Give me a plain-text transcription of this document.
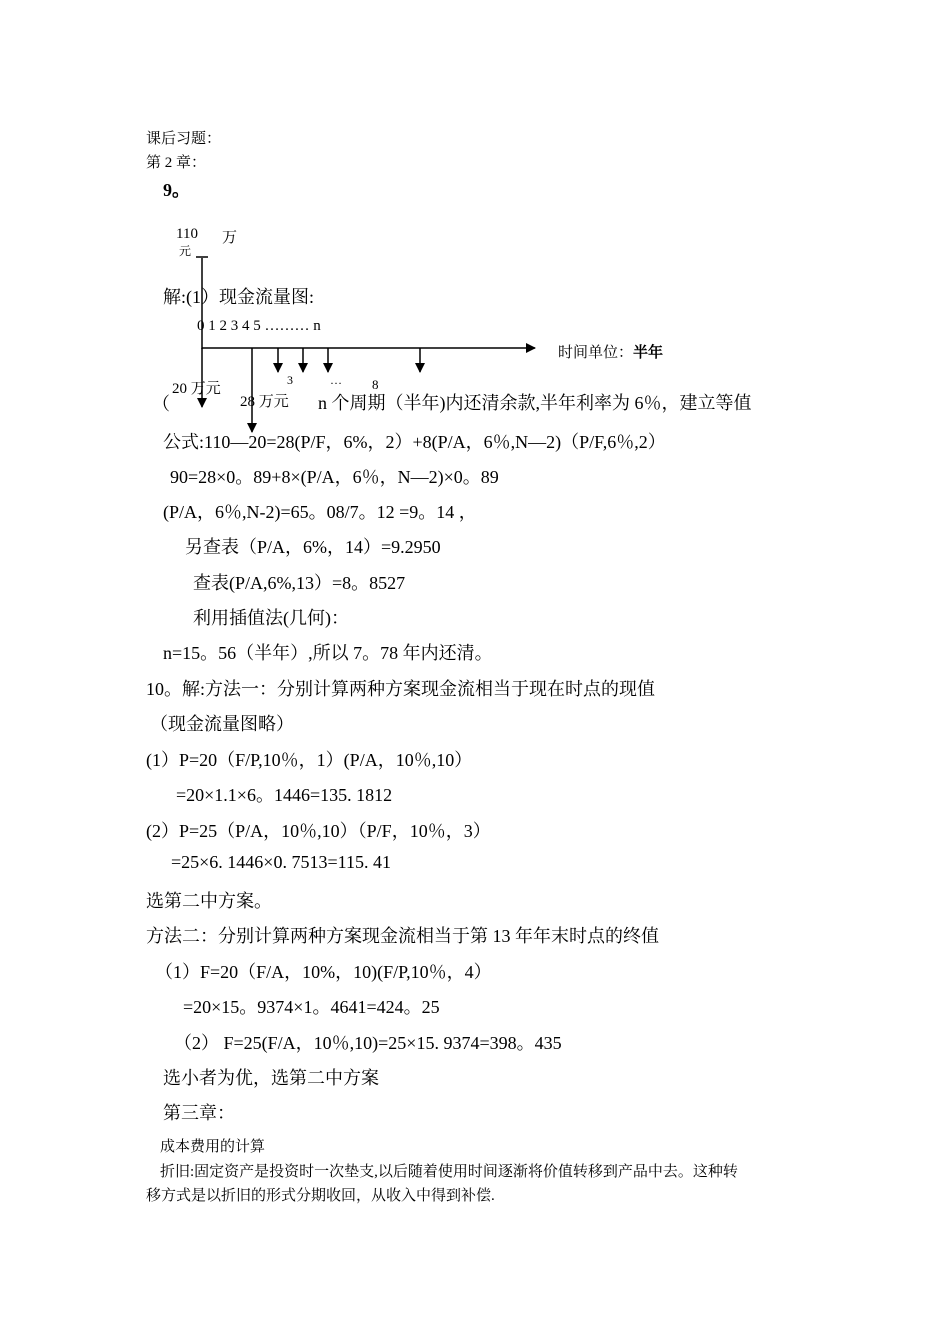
课后习题：
第 2 章：
9。
110 万
元
解:(1）现金流量图:
0 1 2 3 4 5 ……… n
时间单位：半年
20 万元
3	… 8
（	28 万元 n 个周期（半年)内还清余款,半年利率为 6％，建立等值
公式:110—20=28(P/F，6%，2）+8(P/A，6％,N—2)（P/F,6％,2）
90=28×0。89+8×(P/A，6％，N—2)×0。89
(P/A，6％,N-2)=65。08/7。12 =9。14 ，
另查表（P/A，6%，14）=9.2950
查表(P/A,6%,13）=8。8527
利用插值法(几何)：
n=15。56（半年）,所以 7。78 年内还清。
10。解:方法一：分别计算两种方案现金流相当于现在时点的现值
（现金流量图略）
(1）P=20（F/P,10％，1）(P/A，10％,10）
=20×1.1×6。1446=135. 1812
(2）P=25（P/A，10％,10）（P/F，10％，3）
=25×6. 1446×0. 7513=115. 41
选第二中方案。
方法二：分别计算两种方案现金流相当于第 13 年年末时点的终值
（1）F=20（F/A，10%，10)(F/P,10％，4）
=20×15。9374×1。4641=424。25
（2） F=25(F/A，10％,10)=25×15. 9374=398。435
选小者为优，选第二中方案
第三章：
成本费用的计算
折旧:固定资产是投资时一次垫支,以后随着使用时间逐渐将价值转移到产品中去。这种转
移方式是以折旧的形式分期收回，从收入中得到补偿.
